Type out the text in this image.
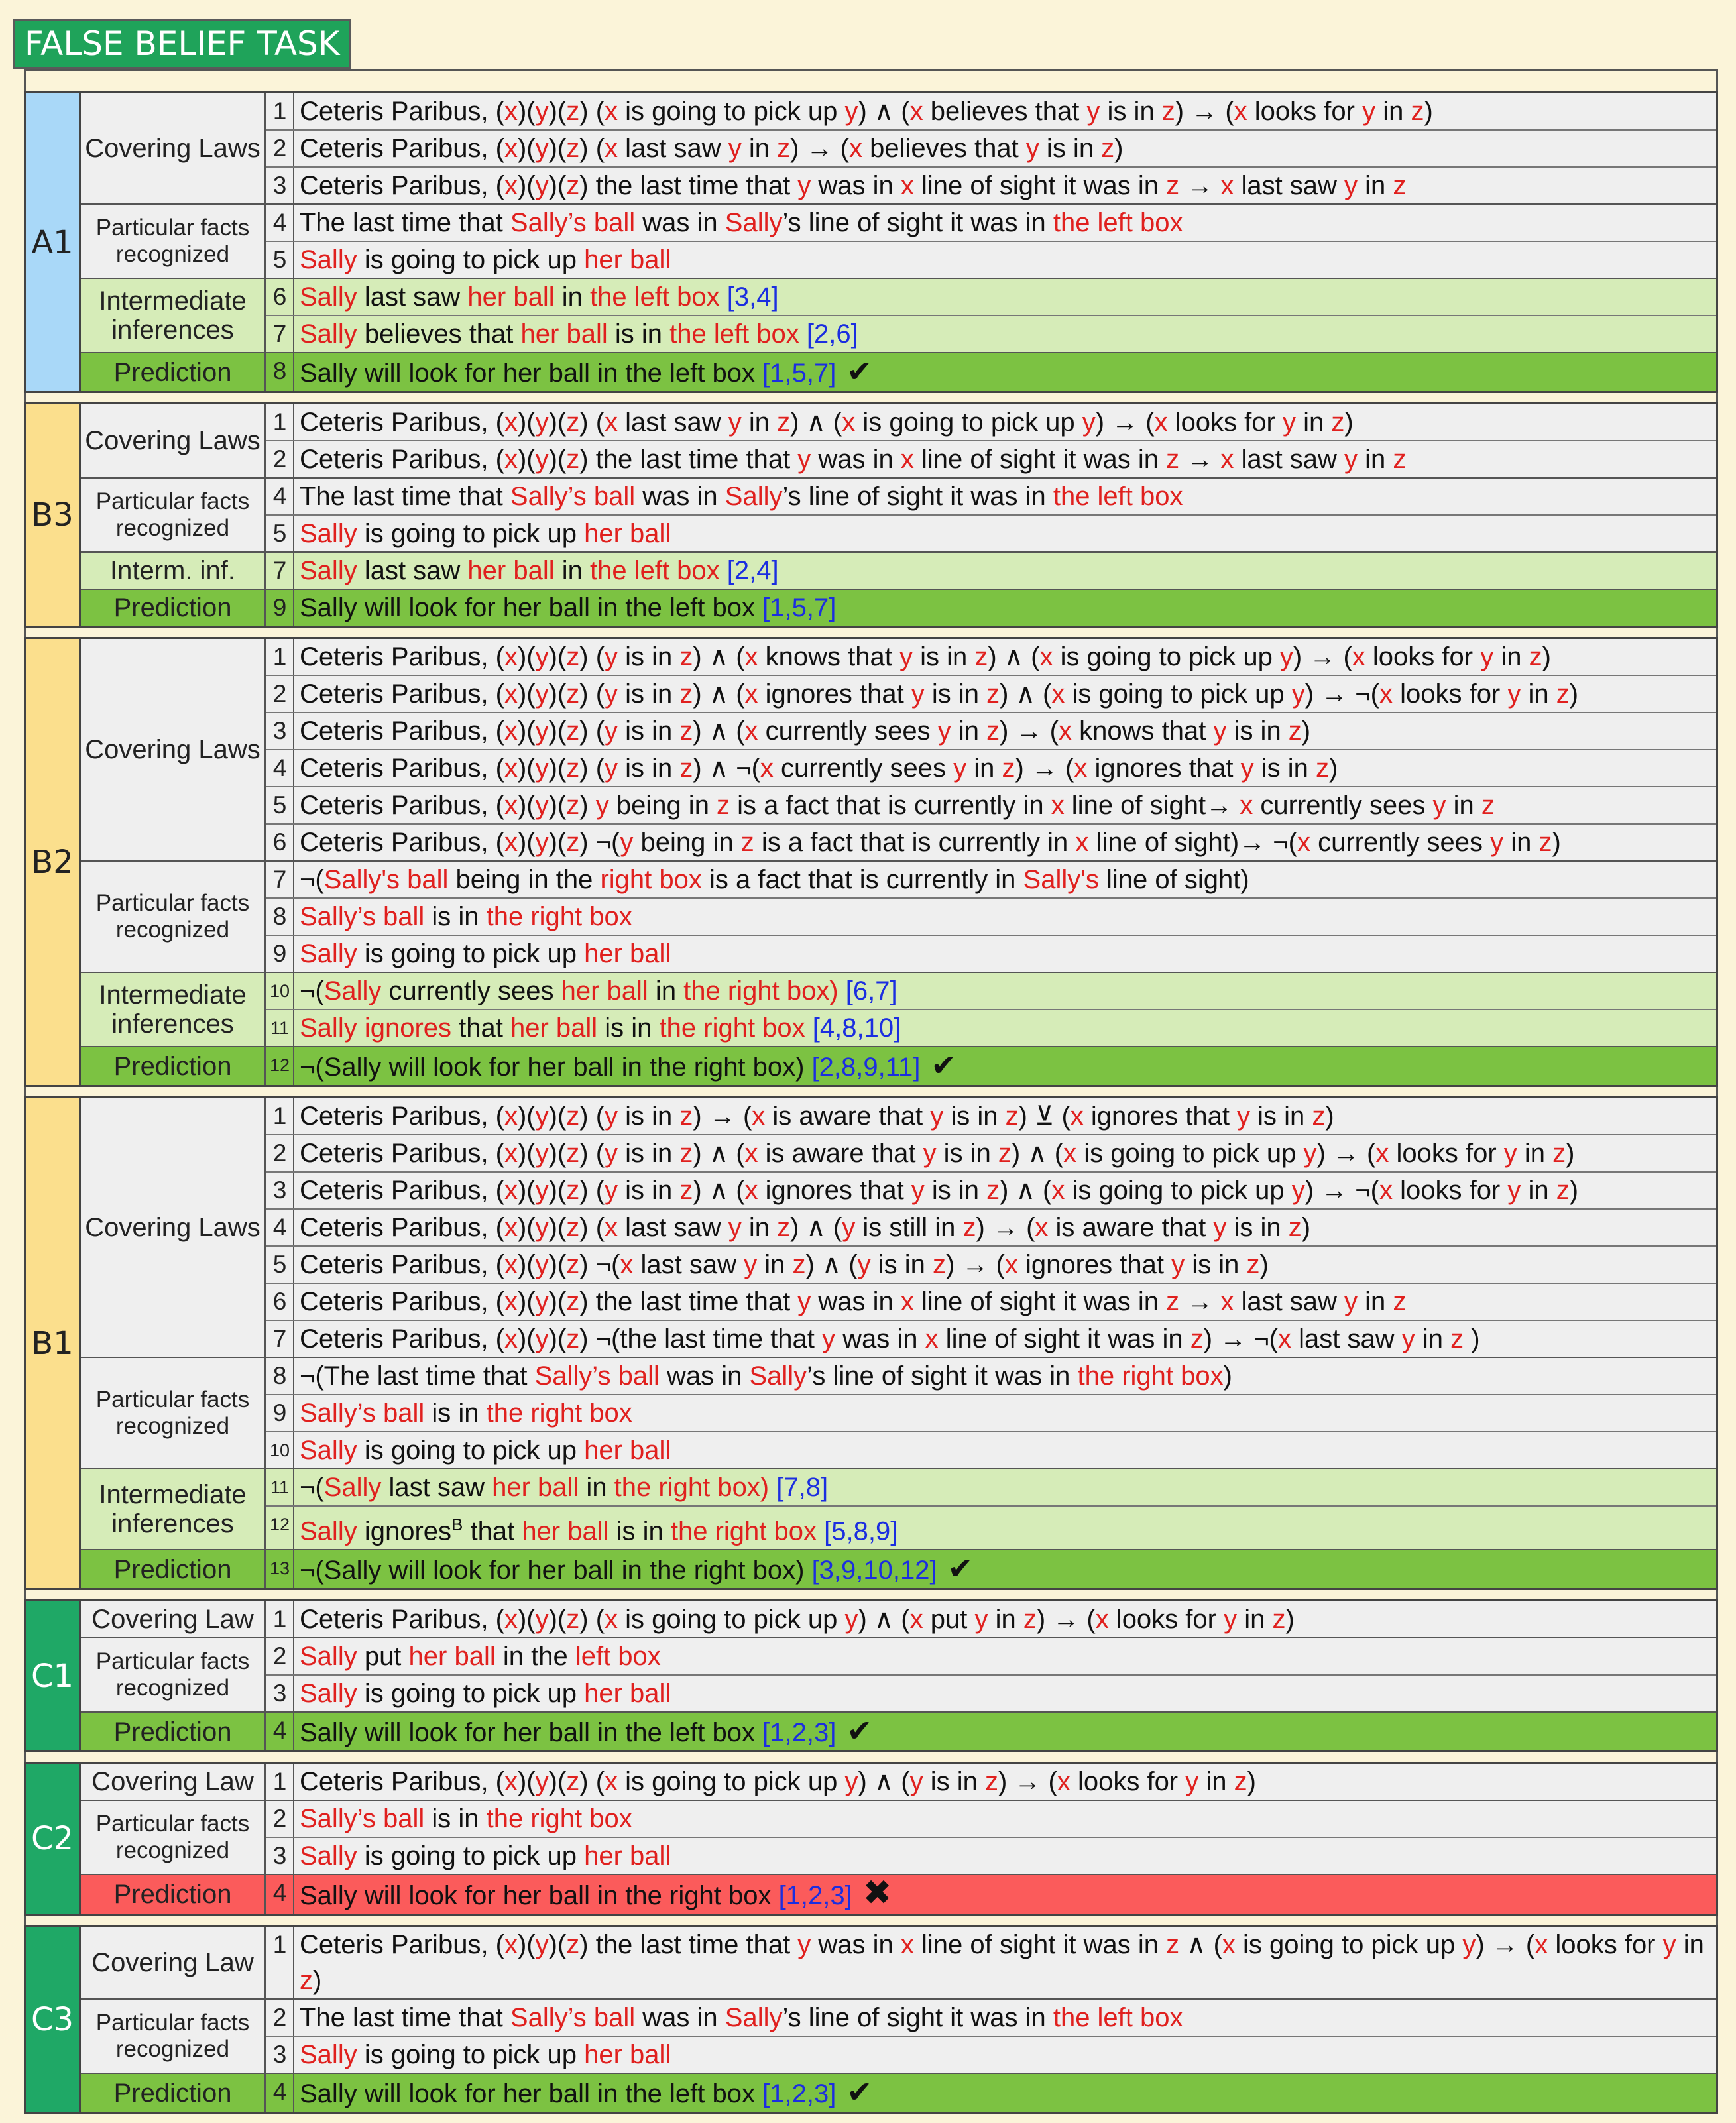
FALSE BELIEF TASK
A1
Covering Laws
1 Ceteris Paribus, (x)(y)(z) (x is going to pick up y) ∧ (x believes that y is in z) → (x looks for y in z)
2 Ceteris Paribus, (x)(y)(z) (x last saw y in z) → (x believes that y is in z)
3 Ceteris Paribus, (x)(y)(z) the last time that y was in x line of sight it was in z → x last saw y in z
Particular facts recognized
4 The last time that Sally’s ball was in Sally’s line of sight it was in the left box
5 Sally is going to pick up her ball
Intermediate inferences
6 Sally last saw her ball in the left box [3,4]
7 Sally believes that her ball is in the left box [2,6]
Prediction	8 Sally will look for her ball in the left box [1,5,7] ✔
B3
Covering Laws
1 Ceteris Paribus, (x)(y)(z) (x last saw y in z) ∧ (x is going to pick up y) → (x looks for y in z)
2 Ceteris Paribus, (x)(y)(z) the last time that y was in x line of sight it was in z → x last saw y in z
Particular facts recognized
4 The last time that Sally’s ball was in Sally’s line of sight it was in the left box
5 Sally is going to pick up her ball
Interm. inf.	7 Sally last saw her ball in the left box [2,4]
Prediction	9 Sally will look for her ball in the left box [1,5,7]
B2
Covering Laws
1 Ceteris Paribus, (x)(y)(z) (y is in z) ∧ (x knows that y is in z) ∧ (x is going to pick up y) → (x looks for y in z)
2 Ceteris Paribus, (x)(y)(z) (y is in z) ∧ (x ignores that y is in z) ∧ (x is going to pick up y) → ¬(x looks for y in z)
3 Ceteris Paribus, (x)(y)(z) (y is in z) ∧ (x currently sees y in z) → (x knows that y is in z)
4 Ceteris Paribus, (x)(y)(z) (y is in z) ∧ ¬(x currently sees y in z) → (x ignores that y is in z)
5 Ceteris Paribus, (x)(y)(z) y being in z is a fact that is currently in x line of sight→ x currently sees y in z
6 Ceteris Paribus, (x)(y)(z) ¬(y being in z is a fact that is currently in x line of sight)→ ¬(x currently sees y in z)
Particular facts recognized
7 ¬(Sally's ball being in the right box is a fact that is currently in Sally's line of sight)
8 Sally’s ball is in the right box
9 Sally is going to pick up her ball
Intermediate inferences
10 ¬(Sally currently sees her ball in the right box) [6,7]
11 Sally ignores that her ball is in the right box [4,8,10]
Prediction	12 ¬(Sally will look for her ball in the right box) [2,8,9,11] ✔
B1
Covering Laws
1 Ceteris Paribus, (x)(y)(z) (y is in z) → (x is aware that y is in z) ⊻ (x ignores that y is in z)
2 Ceteris Paribus, (x)(y)(z) (y is in z) ∧ (x is aware that y is in z) ∧ (x is going to pick up y) → (x looks for y in z)
3 Ceteris Paribus, (x)(y)(z) (y is in z) ∧ (x ignores that y is in z) ∧ (x is going to pick up y) → ¬(x looks for y in z)
4 Ceteris Paribus, (x)(y)(z) (x last saw y in z) ∧ (y is still in z) → (x is aware that y is in z)
5 Ceteris Paribus, (x)(y)(z) ¬(x last saw y in z) ∧ (y is in z) → (x ignores that y is in z)
6 Ceteris Paribus, (x)(y)(z) the last time that y was in x line of sight it was in z → x last saw y in z
7 Ceteris Paribus, (x)(y)(z) ¬(the last time that y was in x line of sight it was in z) → ¬(x last saw y in z )
Particular facts recognized
8 ¬(The last time that Sally’s ball was in Sally’s line of sight it was in the right box)
9 Sally’s ball is in the right box
10 Sally is going to pick up her ball
Intermediate inferences
11 ¬(Sally last saw her ball in the right box) [7,8]
12 Sally ignores$^B$ that her ball is in the right box [5,8,9]
Prediction	13 ¬(Sally will look for her ball in the right box) [3,9,10,12] ✔
C1
Covering Law 1 Ceteris Paribus, (x)(y)(z) (x is going to pick up y) ∧ (x put y in z) → (x looks for y in z)
Particular facts recognized
2 Sally put her ball in the left box
3 Sally is going to pick up her ball
Prediction	4 Sally will look for her ball in the left box [1,2,3] ✔
C2
Covering Law 1 Ceteris Paribus, (x)(y)(z) (x is going to pick up y) ∧ (y is in z) → (x looks for y in z)
Particular facts recognized
2 Sally’s ball is in the right box
3 Sally is going to pick up her ball
Prediction	4 Sally will look for her ball in the right box [1,2,3] ✖
C3
Covering Law
1 Ceteris Paribus, (x)(y)(z) the last time that y was in x line of sight it was in z ∧ (x is going to pick up y) → (x looks for y in z)
Particular facts recognized
2 The last time that Sally’s ball was in Sally’s line of sight it was in the left box
3 Sally is going to pick up her ball
Prediction	4 Sally will look for her ball in the left box [1,2,3] ✔
